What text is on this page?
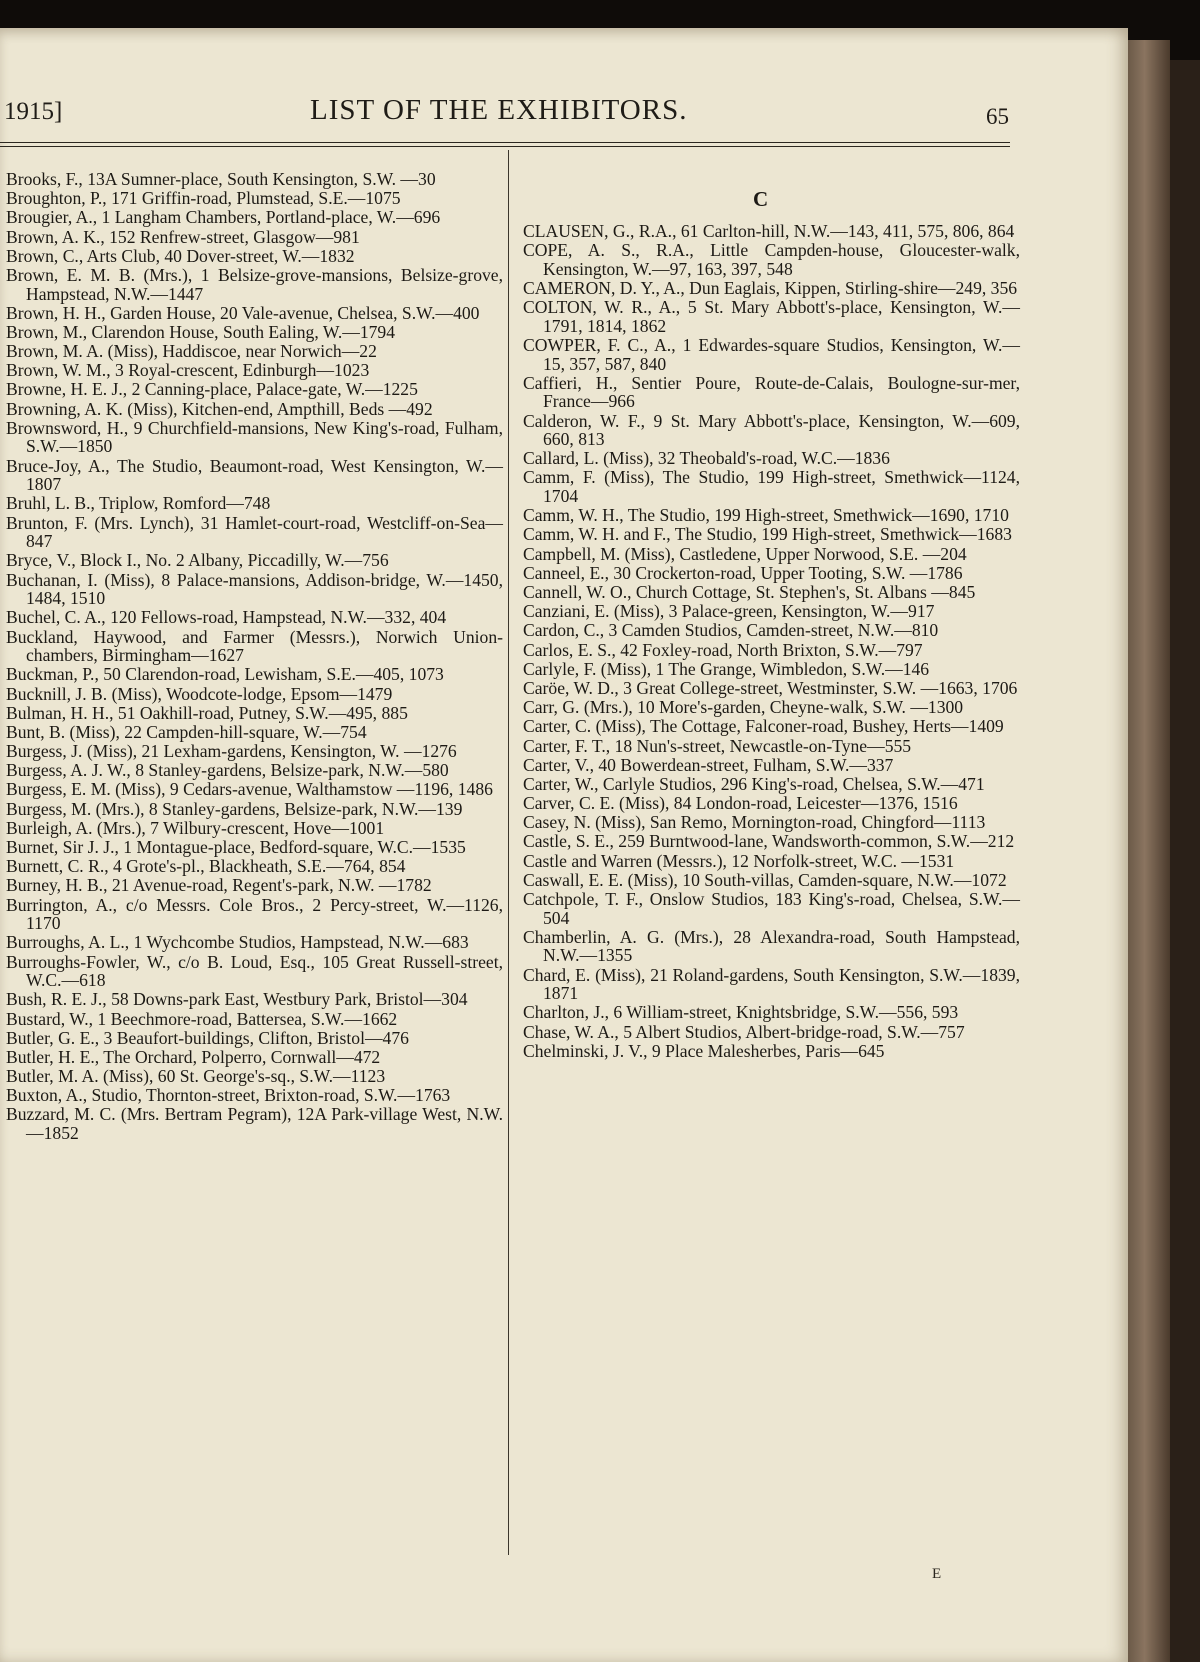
1915]	LIST OF THE EXHIBITORS.	65

Brooks, F., 13A Sumner-place, South Kensington, S.W. —30

Broughton, P., 171 Griffin-road, Plumstead, S.E.—1075

Brougier, A., 1 Langham Chambers, Portland-place, W.—696

Brown, A. K., 152 Renfrew-street, Glasgow—981

Brown, C., Arts Club, 40 Dover-street, W.—1832

Brown, E. M. B. (Mrs.), 1 Belsize-grove-mansions, Belsize-grove, Hampstead, N.W.—1447

Brown, H. H., Garden House, 20 Vale-avenue, Chelsea, S.W.—400

Brown, M., Clarendon House, South Ealing, W.—1794

Brown, M. A. (Miss), Haddiscoe, near Norwich—22

Brown, W. M., 3 Royal-crescent, Edinburgh—1023

Browne, H. E. J., 2 Canning-place, Palace-gate, W.—1225

Browning, A. K. (Miss), Kitchen-end, Ampthill, Beds —492

Brownsword, H., 9 Churchfield-mansions, New King's-road, Fulham, S.W.—1850

Bruce-Joy, A., The Studio, Beaumont-road, West Kensington, W.—1807

Bruhl, L. B., Triplow, Romford—748

Brunton, F. (Mrs. Lynch), 31 Hamlet-court-road, Westcliff-on-Sea—847

Bryce, V., Block I., No. 2 Albany, Piccadilly, W.—756

Buchanan, I. (Miss), 8 Palace-mansions, Addison-bridge, W.—1450, 1484, 1510

Buchel, C. A., 120 Fellows-road, Hampstead, N.W.—332, 404

Buckland, Haywood, and Farmer (Messrs.), Norwich Union-chambers, Birmingham—1627

Buckman, P., 50 Clarendon-road, Lewisham, S.E.—405, 1073

Bucknill, J. B. (Miss), Woodcote-lodge, Epsom—1479

Bulman, H. H., 51 Oakhill-road, Putney, S.W.—495, 885

Bunt, B. (Miss), 22 Campden-hill-square, W.—754

Burgess, J. (Miss), 21 Lexham-gardens, Kensington, W. —1276

Burgess, A. J. W., 8 Stanley-gardens, Belsize-park, N.W.—580

Burgess, E. M. (Miss), 9 Cedars-avenue, Walthamstow —1196, 1486

Burgess, M. (Mrs.), 8 Stanley-gardens, Belsize-park, N.W.—139

Burleigh, A. (Mrs.), 7 Wilbury-crescent, Hove—1001

Burnet, Sir J. J., 1 Montague-place, Bedford-square, W.C.—1535

Burnett, C. R., 4 Grote's-pl., Blackheath, S.E.—764, 854

Burney, H. B., 21 Avenue-road, Regent's-park, N.W. —1782

Burrington, A., c/o Messrs. Cole Bros., 2 Percy-street, W.—1126, 1170

Burroughs, A. L., 1 Wychcombe Studios, Hampstead, N.W.—683

Burroughs-Fowler, W., c/o B. Loud, Esq., 105 Great Russell-street, W.C.—618

Bush, R. E. J., 58 Downs-park East, Westbury Park, Bristol—304

Bustard, W., 1 Beechmore-road, Battersea, S.W.—1662

Butler, G. E., 3 Beaufort-buildings, Clifton, Bristol—476

Butler, H. E., The Orchard, Polperro, Cornwall—472

Butler, M. A. (Miss), 60 St. George's-sq., S.W.—1123

Buxton, A., Studio, Thornton-street, Brixton-road, S.W.—1763

Buzzard, M. C. (Mrs. Bertram Pegram), 12A Park-village West, N.W.—1852

C

CLAUSEN, G., R.A., 61 Carlton-hill, N.W.—143, 411, 575, 806, 864

COPE, A. S., R.A., Little Campden-house, Gloucester-walk, Kensington, W.—97, 163, 397, 548

CAMERON, D. Y., A., Dun Eaglais, Kippen, Stirling-shire—249, 356

COLTON, W. R., A., 5 St. Mary Abbott's-place, Kensington, W.—1791, 1814, 1862

COWPER, F. C., A., 1 Edwardes-square Studios, Kensington, W.—15, 357, 587, 840

Caffieri, H., Sentier Poure, Route-de-Calais, Boulogne-sur-mer, France—966

Calderon, W. F., 9 St. Mary Abbott's-place, Kensington, W.—609, 660, 813

Callard, L. (Miss), 32 Theobald's-road, W.C.—1836

Camm, F. (Miss), The Studio, 199 High-street, Smethwick—1124, 1704

Camm, W. H., The Studio, 199 High-street, Smethwick—1690, 1710

Camm, W. H. and F., The Studio, 199 High-street, Smethwick—1683

Campbell, M. (Miss), Castledene, Upper Norwood, S.E. —204

Canneel, E., 30 Crockerton-road, Upper Tooting, S.W. —1786

Cannell, W. O., Church Cottage, St. Stephen's, St. Albans —845

Canziani, E. (Miss), 3 Palace-green, Kensington, W.—917

Cardon, C., 3 Camden Studios, Camden-street, N.W.—810

Carlos, E. S., 42 Foxley-road, North Brixton, S.W.—797

Carlyle, F. (Miss), 1 The Grange, Wimbledon, S.W.—146

Caröe, W. D., 3 Great College-street, Westminster, S.W. —1663, 1706

Carr, G. (Mrs.), 10 More's-garden, Cheyne-walk, S.W. —1300

Carter, C. (Miss), The Cottage, Falconer-road, Bushey, Herts—1409

Carter, F. T., 18 Nun's-street, Newcastle-on-Tyne—555

Carter, V., 40 Bowerdean-street, Fulham, S.W.—337

Carter, W., Carlyle Studios, 296 King's-road, Chelsea, S.W.—471

Carver, C. E. (Miss), 84 London-road, Leicester—1376, 1516

Casey, N. (Miss), San Remo, Mornington-road, Chingford—1113

Castle, S. E., 259 Burntwood-lane, Wandsworth-common, S.W.—212

Castle and Warren (Messrs.), 12 Norfolk-street, W.C. —1531

Caswall, E. E. (Miss), 10 South-villas, Camden-square, N.W.—1072

Catchpole, T. F., Onslow Studios, 183 King's-road, Chelsea, S.W.—504

Chamberlin, A. G. (Mrs.), 28 Alexandra-road, South Hampstead, N.W.—1355

Chard, E. (Miss), 21 Roland-gardens, South Kensington, S.W.—1839, 1871

Charlton, J., 6 William-street, Knightsbridge, S.W.—556, 593

Chase, W. A., 5 Albert Studios, Albert-bridge-road, S.W.—757

Chelminski, J. V., 9 Place Malesherbes, Paris—645

E
